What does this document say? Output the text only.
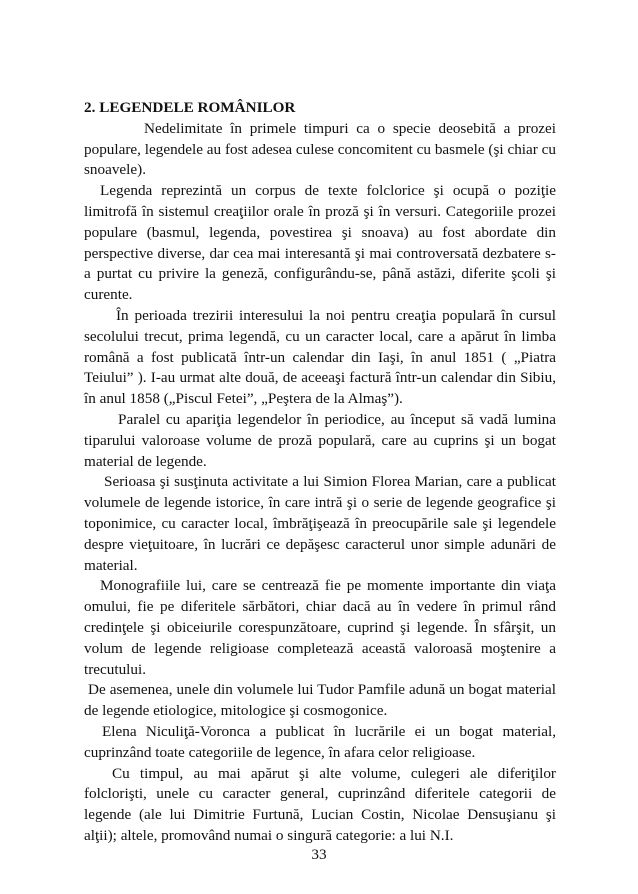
2. LEGENDELE ROMÂNILOR

Nedelimitate în primele timpuri ca o specie deosebită a prozei populare, legendele au fost adesea culese concomitent cu basmele (şi chiar cu snoavele).

Legenda reprezintă un corpus de texte folclorice şi ocupă o poziţie limitrofă în sistemul creaţiilor orale în proză şi în versuri. Categoriile prozei populare (basmul, legenda, povestirea şi snoava) au fost abordate din perspective diverse, dar cea mai interesantă şi mai controversată dezbatere s-a purtat cu privire la geneză, configurându-se, până astăzi, diferite şcoli şi curente.

În perioada trezirii interesului la noi pentru creaţia populară în cursul secolului trecut, prima legendă, cu un caracter local, care a apărut în limba română a fost publicată într-un calendar din Iaşi, în anul 1851 ( „Piatra Teiului” ). I-au urmat alte două, de aceeaşi factură într-un calendar din Sibiu, în anul 1858 („Piscul Fetei”, „Peştera de la Almaş”).

Paralel cu apariţia legendelor în periodice, au început să vadă lumina tiparului valoroase volume de proză populară, care au cuprins şi un bogat material de legende.

Serioasa şi susţinuta activitate a lui Simion Florea Marian, care a publicat volumele de legende istorice, în care intră şi o serie de legende geografice şi toponimice, cu caracter local, îmbrăţişează în preocupările sale şi legendele despre vieţuitoare, în lucrări ce depăşesc caracterul unor simple adunări de material.

Monografiile lui, care se centrează fie pe momente importante din viaţa omului, fie pe diferitele sărbători, chiar dacă au în vedere în primul rând credinţele şi obiceiurile corespunzătoare, cuprind şi legende. În sfârşit, un volum de legende religioase completează această valoroasă moştenire a trecutului.

De asemenea, unele din volumele lui Tudor Pamfile adună un bogat material de legende etiologice, mitologice şi cosmogonice.

Elena Niculiţă-Voronca a publicat în lucrările ei un bogat material, cuprinzând toate categoriile de legence, în afara celor religioase.

Cu timpul, au mai apărut şi alte volume, culegeri ale diferiţilor folclorişti, unele cu caracter general, cuprinzând diferitele categorii de legende (ale lui Dimitrie Furtună, Lucian Costin, Nicolae Densuşianu şi alţii); altele, promovând numai o singură categorie: a lui N.I.

33
